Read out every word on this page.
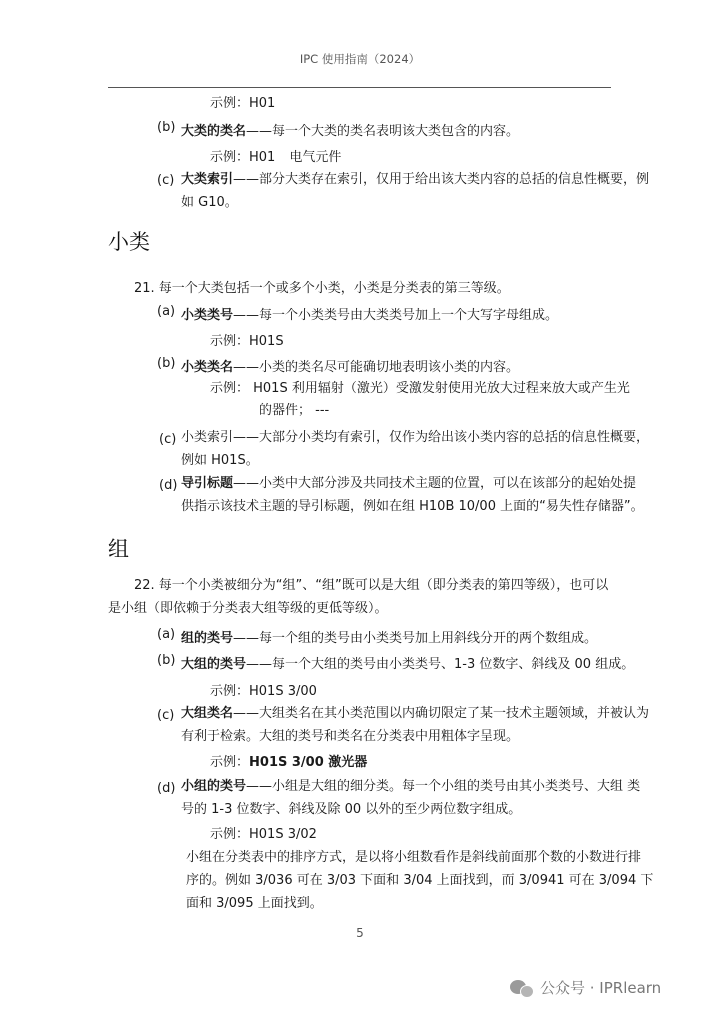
IPC 使用指南（2024）
示例：H01
(b) 大类的类名——每一个大类的类名表明该大类包含的内容。
示例：H01 电气元件
(c) 大类索引——部分大类存在索引，仅用于给出该大类内容的总括的信息性概要，例
如 G10。
小类
21. 每一个大类包括一个或多个小类，小类是分类表的第三等级。
(a) 小类类号——每一个小类类号由大类类号加上一个大写字母组成。
示例：H01S
(b) 小类类名——小类的类名尽可能确切地表明该小类的内容。
示例： H01S 利用辐射（激光）受激发射使用光放大过程来放大或产生光
的器件； ---
(c) 小类索引——大部分小类均有索引，仅作为给出该小类内容的总括的信息性概要，
例如 H01S。
(d) 导引标题——小类中大部分涉及共同技术主题的位置，可以在该部分的起始处提
供指示该技术主题的导引标题，例如在组 H10B 10/00 上面的“易失性存储器”。
组
22. 每一个小类被细分为“组”、“组”既可以是大组（即分类表的第四等级），也可以
是小组（即依赖于分类表大组等级的更低等级）。
(a) 组的类号——每一个组的类号由小类类号加上用斜线分开的两个数组成。
(b) 大组的类号——每一个大组的类号由小类类号、1-3 位数字、斜线及 00 组成。
示例：H01S 3/00
(c) 大组类名——大组类名在其小类范围以内确切限定了某一技术主题领域，并被认为
有利于检索。大组的类号和类名在分类表中用粗体字呈现。
示例：H01S 3/00 激光器
(d) 小组的类号——小组是大组的细分类。每一个小组的类号由其小类类号、大组 类
号的 1-3 位数字、斜线及除 00 以外的至少两位数字组成。
示例：H01S 3/02
小组在分类表中的排序方式，是以将小组数看作是斜线前面那个数的小数进行排
序的。例如 3/036 可在 3/03 下面和 3/04 上面找到，而 3/0941 可在 3/094 下
面和 3/095 上面找到。
5
公众号 · IPRlearn
